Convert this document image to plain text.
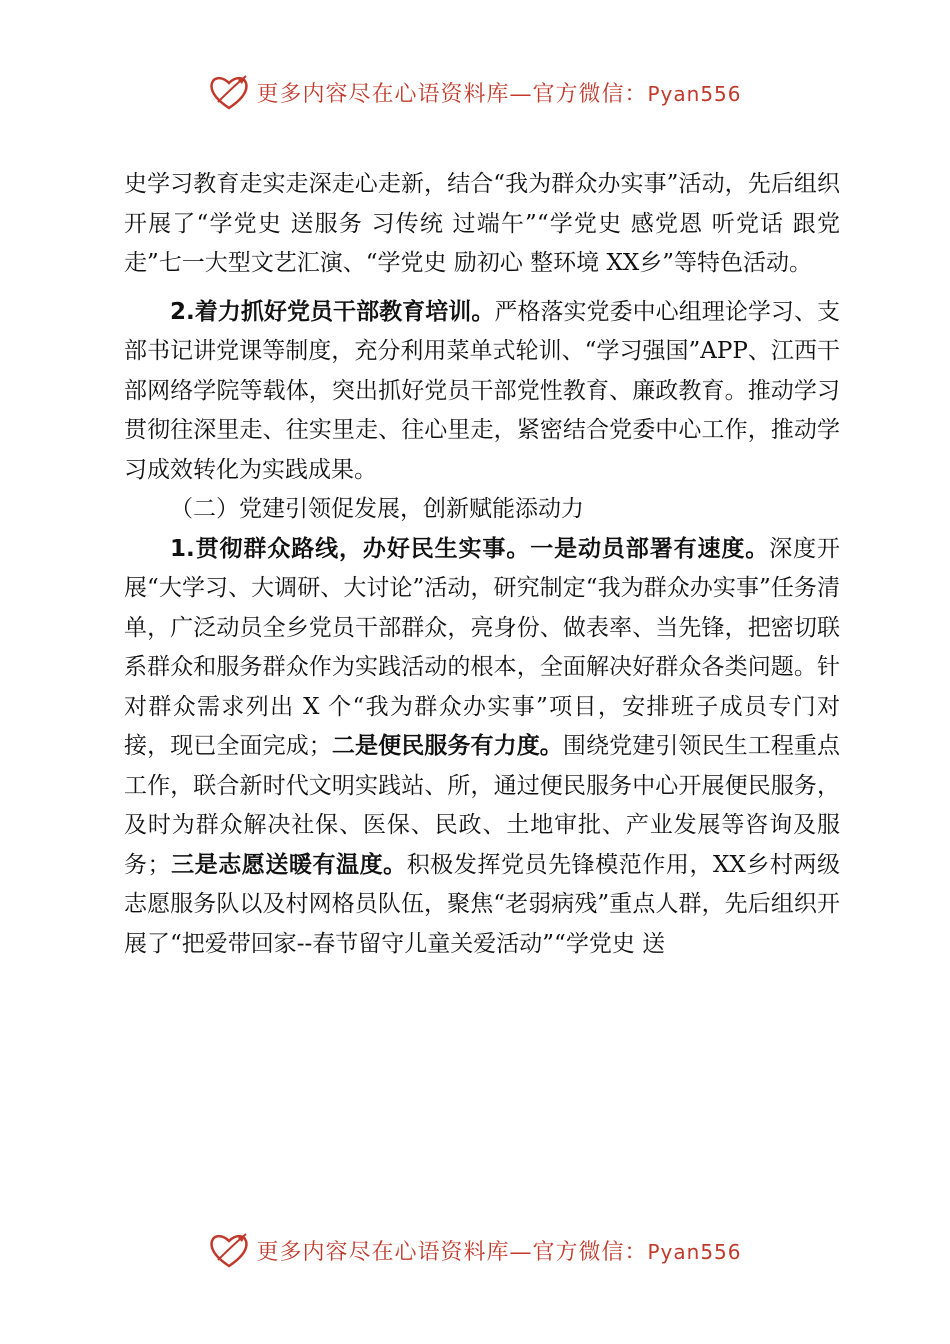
更多内容尽在心语资料库—官方微信：Pyan556

史学习教育走实走深走心走新，结合“我为群众办实事”活动，先后组织开展了“学党史 送服务 习传统 过端午”“学党史 感党恩 听党话 跟党走”七一大型文艺汇演、“学党史 励初心 整环境 XX乡”等特色活动。

2.着力抓好党员干部教育培训。严格落实党委中心组理论学习、支部书记讲党课等制度，充分利用菜单式轮训、“学习强国”APP、江西干部网络学院等载体，突出抓好党员干部党性教育、廉政教育。推动学习贯彻往深里走、往实里走、往心里走，紧密结合党委中心工作，推动学习成效转化为实践成果。

（二）党建引领促发展，创新赋能添动力

1.贯彻群众路线，办好民生实事。一是动员部署有速度。深度开展“大学习、大调研、大讨论”活动，研究制定“我为群众办实事”任务清单，广泛动员全乡党员干部群众，亮身份、做表率、当先锋，把密切联系群众和服务群众作为实践活动的根本，全面解决好群众各类问题。针对群众需求列出 X 个“我为群众办实事”项目，安排班子成员专门对接，现已全面完成；二是便民服务有力度。围绕党建引领民生工程重点工作，联合新时代文明实践站、所，通过便民服务中心开展便民服务，及时为群众解决社保、医保、民政、土地审批、产业发展等咨询及服务；三是志愿送暖有温度。积极发挥党员先锋模范作用，XX乡村两级志愿服务队以及村网格员队伍，聚焦“老弱病残”重点人群，先后组织开展了“把爱带回家--春节留守儿童关爱活动”“学党史 送

更多内容尽在心语资料库—官方微信：Pyan556
